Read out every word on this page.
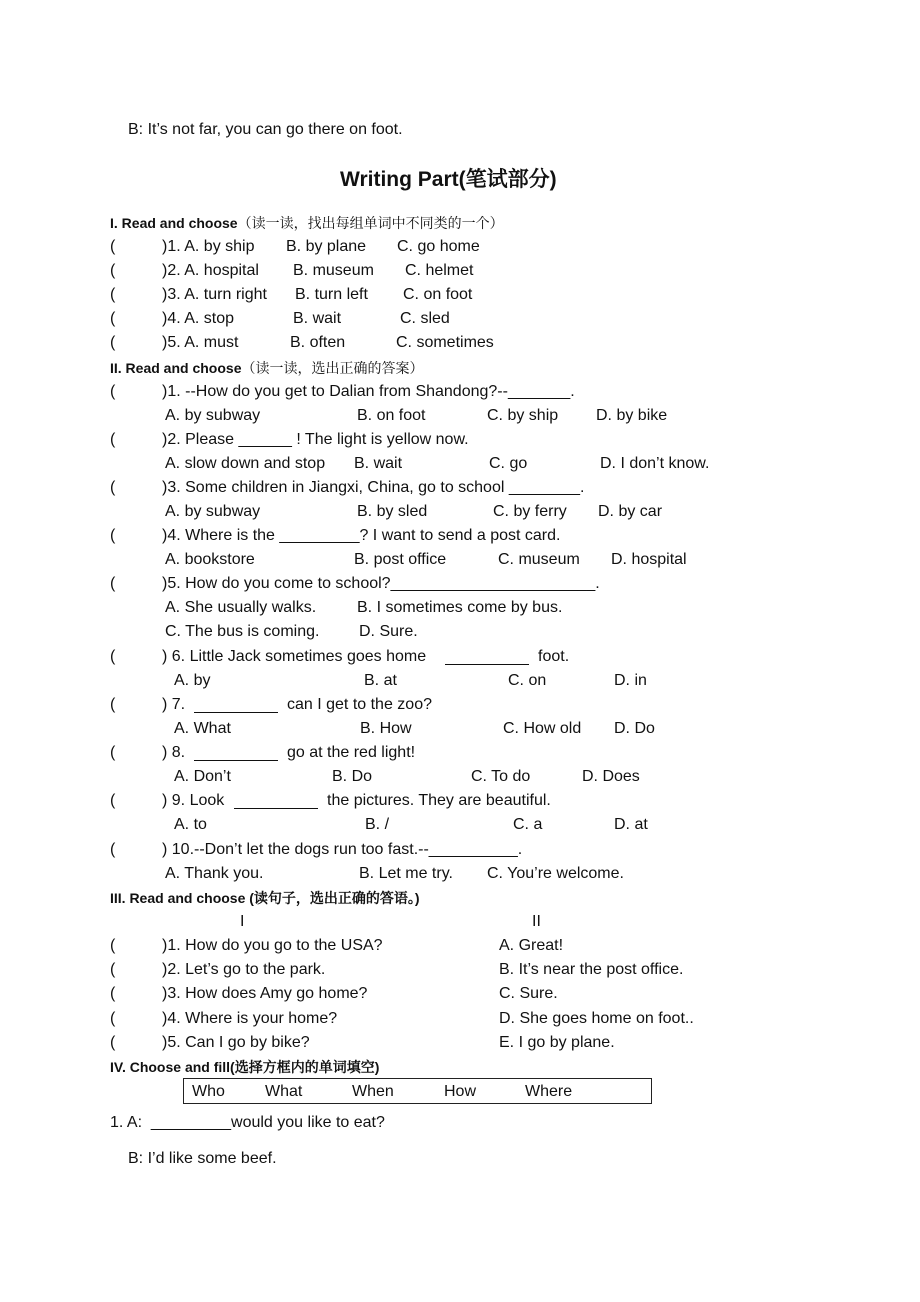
B: It’s not far, you can go there on foot.
Writing Part(笔试部分)
I. Read and choose（读一读，找出每组单词中不同类的一个）
(	)1. A. by ship B. by plane C. go home
(	)2. A. hospital B. museum C. helmet
(	)3. A. turn right B. turn left C. on foot
(	)4. A. stop	B. wait	C. sled
(	)5. A. must	B. often	C. sometimes
II. Read and choose（读一读，选出正确的答案）
(	)1. --How do you get to Dalian from Shandong?--_______.
A. by subway	B. on foot	C. by ship D. by bike
(	)2. Please ______ ! The light is yellow now.
A. slow down and stop B. wait	C. go	D. I don’t know.
(	)3. Some children in Jiangxi, China, go to school ________.
A. by subway	B. by sled	C. by ferry D. by car
(	)4. Where is the _________? I want to send a post card.
A. bookstore	B. post office	C. museum D. hospital
(	)5. How do you come to school?_______________________.
A. She usually walks.	B. I sometimes come by bus.
C. The bus is coming. D. Sure.
(	) 6. Little Jack sometimes goes home	foot.
A. by	B. at	C. on	D. in
(	) 7.	can I get to the zoo?
A. What	B. How	C. How old D. Do
(	) 8.	go at the red light!
A. Don’t	B. Do	C. To do	D. Does
(	) 9. Look	the pictures. They are beautiful.
A. to	B. /	C. a	D. at
(	) 10.--Don’t let the dogs run too fast.--__________.
A. Thank you.	B. Let me try. C. You’re welcome.
III. Read and choose (读句子，选出正确的答语。)
I	II
(	)1. How do you go to the USA?	A. Great!
(	)2. Let’s go to the park.	B. It’s near the post office.
(	)3. How does Amy go home?	C. Sure.
(	)4. Where is your home?	D. She goes home on foot..
(	)5. Can I go by bike?	E. I go by plane.
IV. Choose and fill(选择方框内的单词填空)
Who	What	When	How	Where
1. A: _________would you like to eat?
B: I’d like some beef.
